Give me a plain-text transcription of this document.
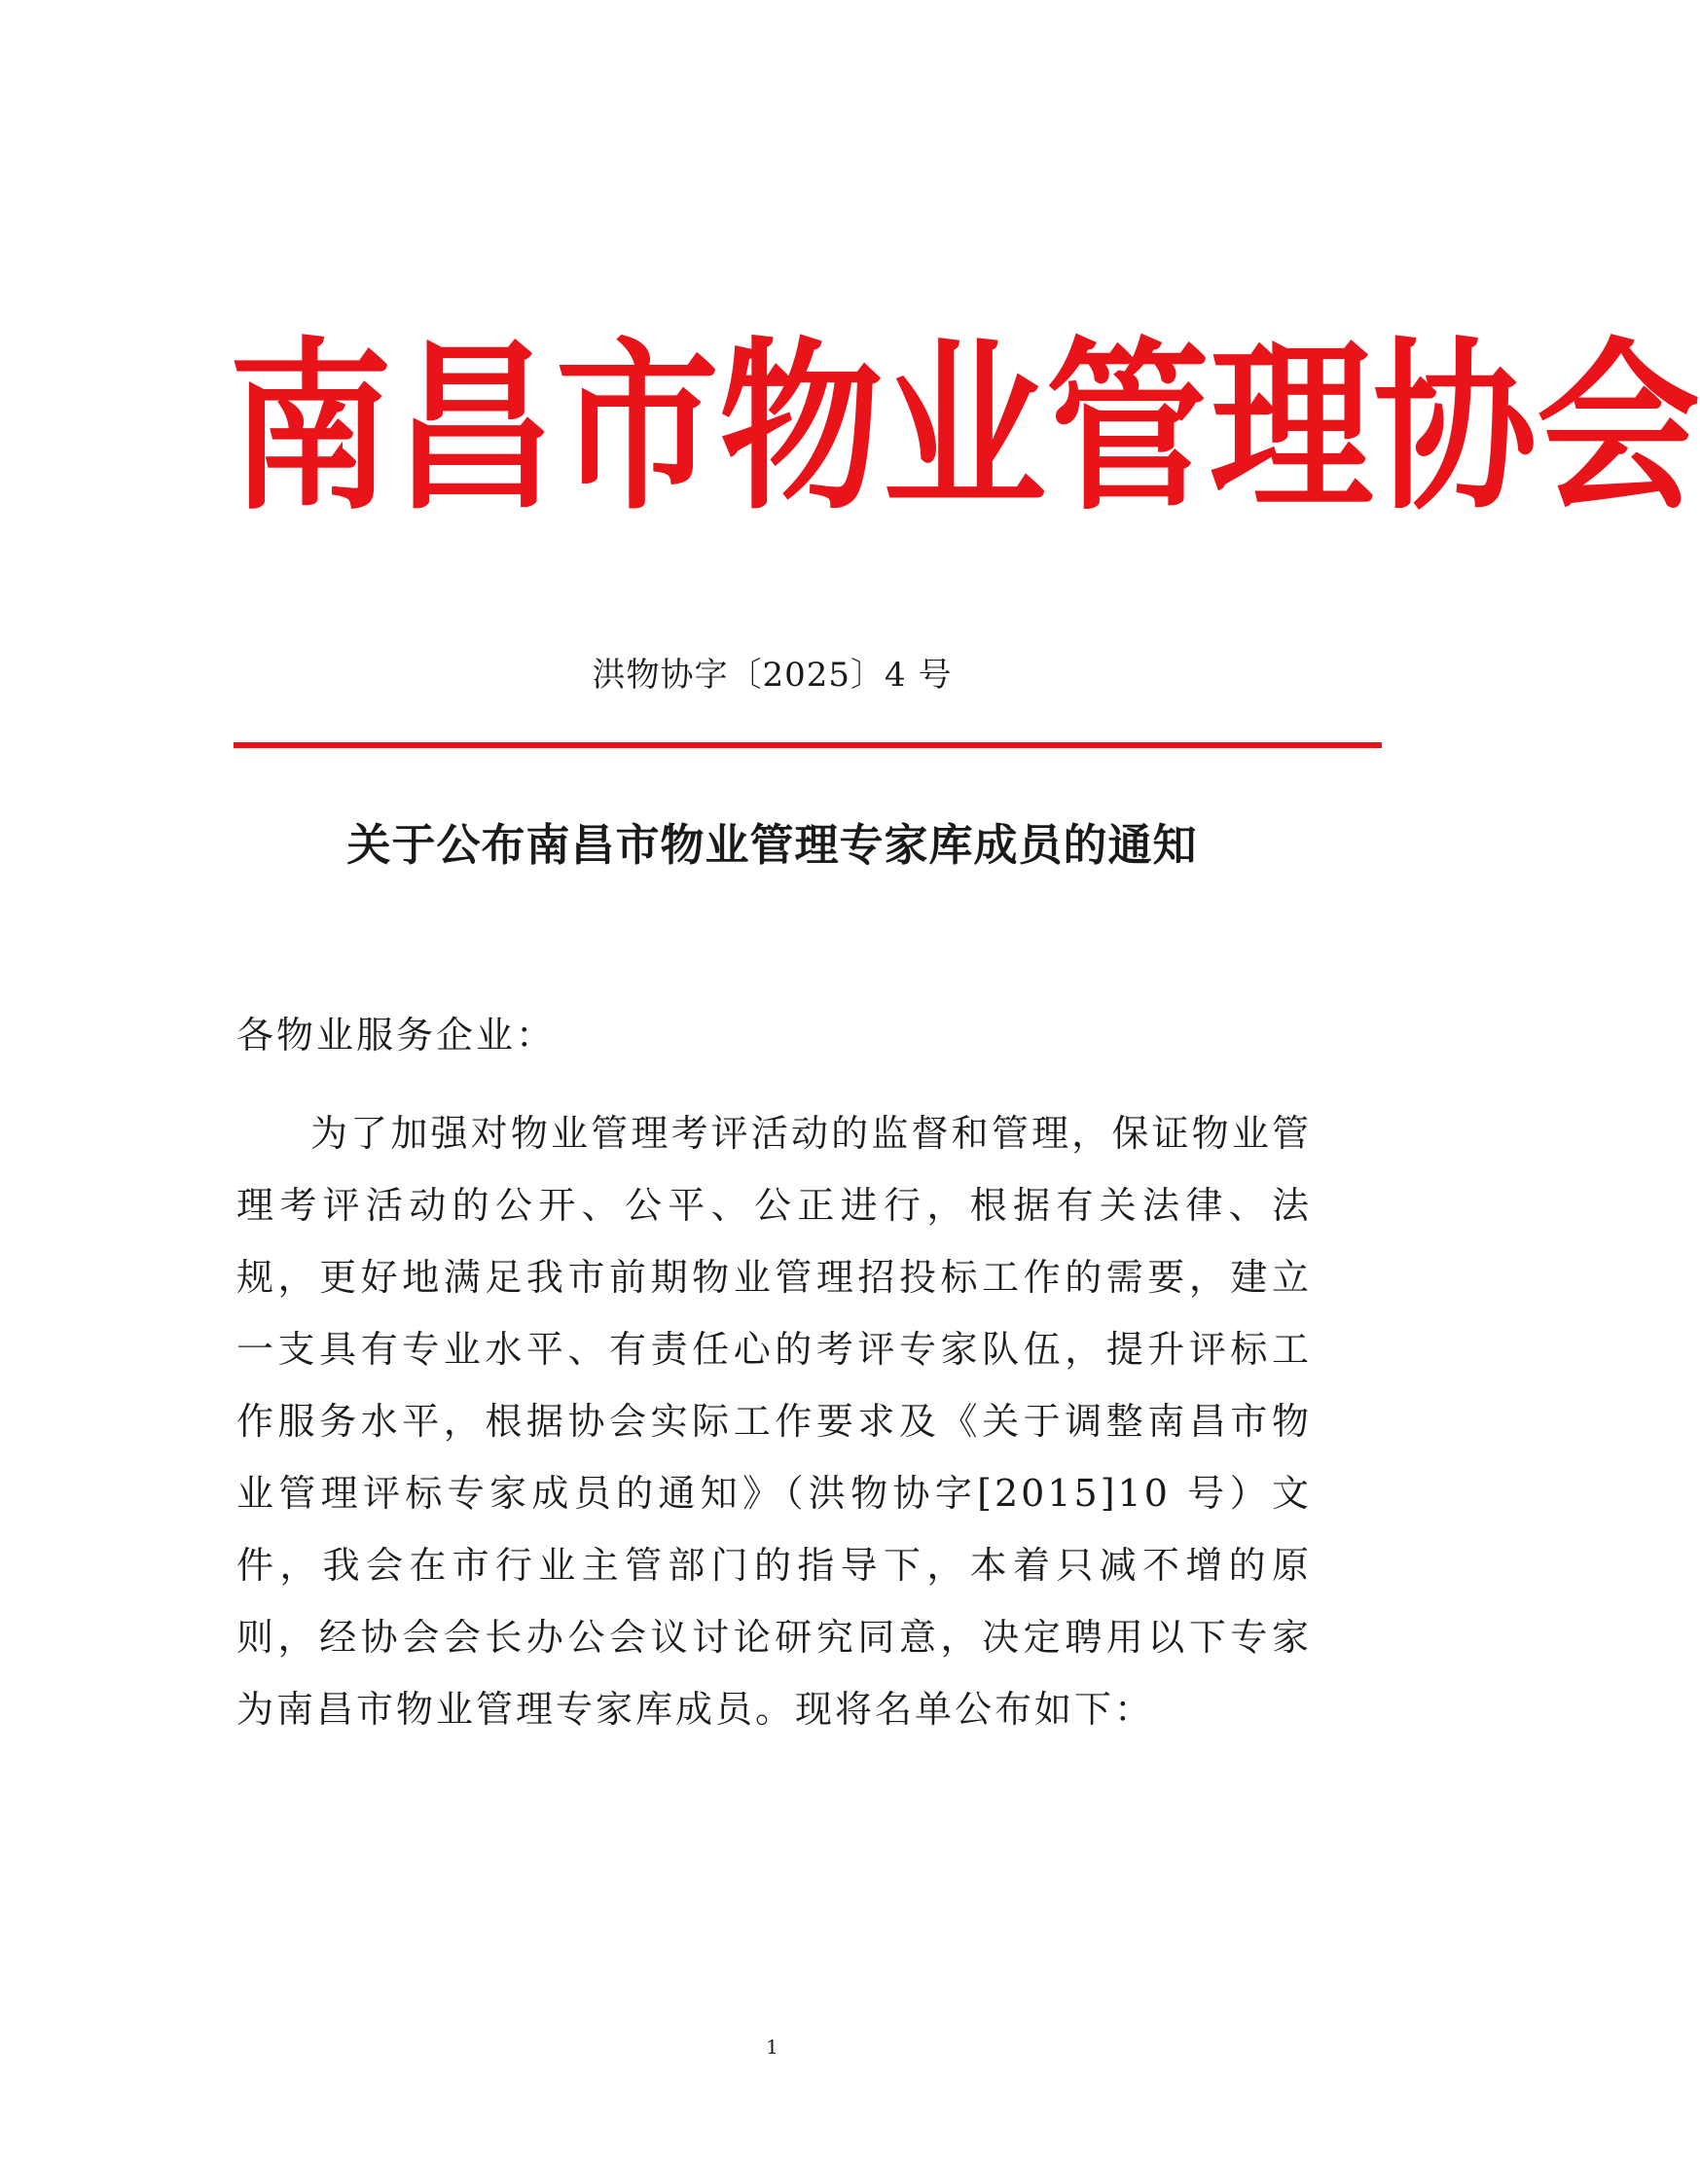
南 昌 市 物 业 管 理 协 会
洪物协字〔2025〕4 号
关于公布南昌市物业管理专家库成员的通知
各物业服务企业：

为了加强对物业管理考评活动的监督和管理，保证物业管理考评活动的公开、公平、公正进行，根据有关法律、法规，更好地满足我市前期物业管理招投标工作的需要，建立一支具有专业水平、有责任心的考评专家队伍，提升评标工作服务水平，根据协会实际工作要求及《关于调整南昌市物业管理评标专家成员的通知》（洪物协字[2015]10 号）文件，我会在市行业主管部门的指导下，本着只减不增的原则，经协会会长办公会议讨论研究同意，决定聘用以下专家为南昌市物业管理专家库成员。现将名单公布如下：

1
